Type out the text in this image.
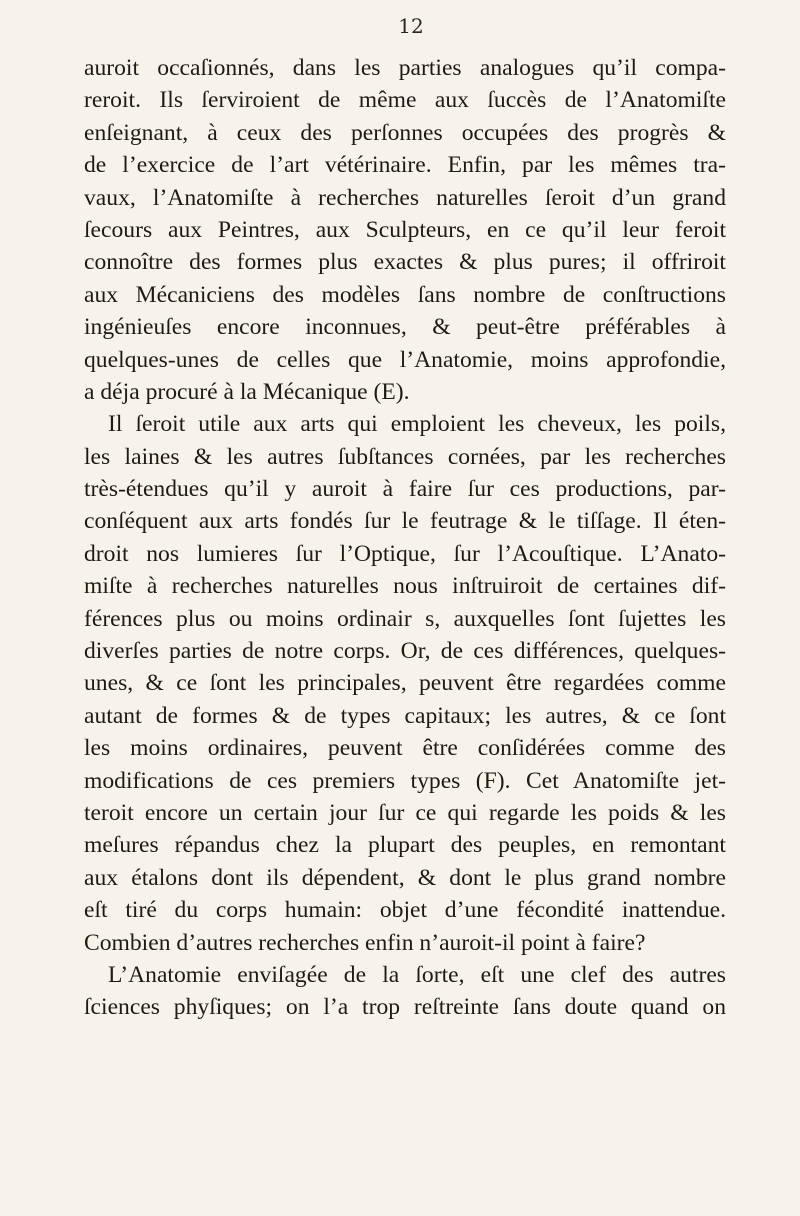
12
auroit occaſionnés, dans les parties analogues qu’il compa-
reroit. Ils ſerviroient de même aux ſuccès de l’Anatomiſte
enſeignant, à ceux des perſonnes occupées des progrès &
de l’exercice de l’art vétérinaire. Enfin, par les mêmes tra-
vaux, l’Anatomiſte à recherches naturelles ſeroit d’un grand
ſecours aux Peintres, aux Sculpteurs, en ce qu’il leur feroit
connoître des formes plus exactes & plus pures; il offriroit
aux Mécaniciens des modèles ſans nombre de conſtructions
ingénieuſes encore inconnues, & peut-être préférables à
quelques-unes de celles que l’Anatomie, moins approfondie,
a déja procuré à la Mécanique (E).
Il ſeroit utile aux arts qui emploient les cheveux, les poils,
les laines & les autres ſubſtances cornées, par les recherches
très-étendues qu’il y auroit à faire ſur ces productions, par-
conſéquent aux arts fondés ſur le feutrage & le tiſſage. Il éten-
droit nos lumieres ſur l’Optique, ſur l’Acouſtique. L’Anato-
miſte à recherches naturelles nous inſtruiroit de certaines dif-
férences plus ou moins ordinair s, auxquelles ſont ſujettes les
diverſes parties de notre corps. Or, de ces différences, quelques-
unes, & ce ſont les principales, peuvent être regardées comme
autant de formes & de types capitaux; les autres, & ce ſont
les moins ordinaires, peuvent être conſidérées comme des
modifications de ces premiers types (F). Cet Anatomiſte jet-
teroit encore un certain jour ſur ce qui regarde les poids & les
meſures répandus chez la plupart des peuples, en remontant
aux étalons dont ils dépendent, & dont le plus grand nombre
eſt tiré du corps humain: objet d’une fécondité inattendue.
Combien d’autres recherches enfin n’auroit-il point à faire?
L’Anatomie enviſagée de la ſorte, eſt une clef des autres
ſciences phyſiques; on l’a trop reſtreinte ſans doute quand on
